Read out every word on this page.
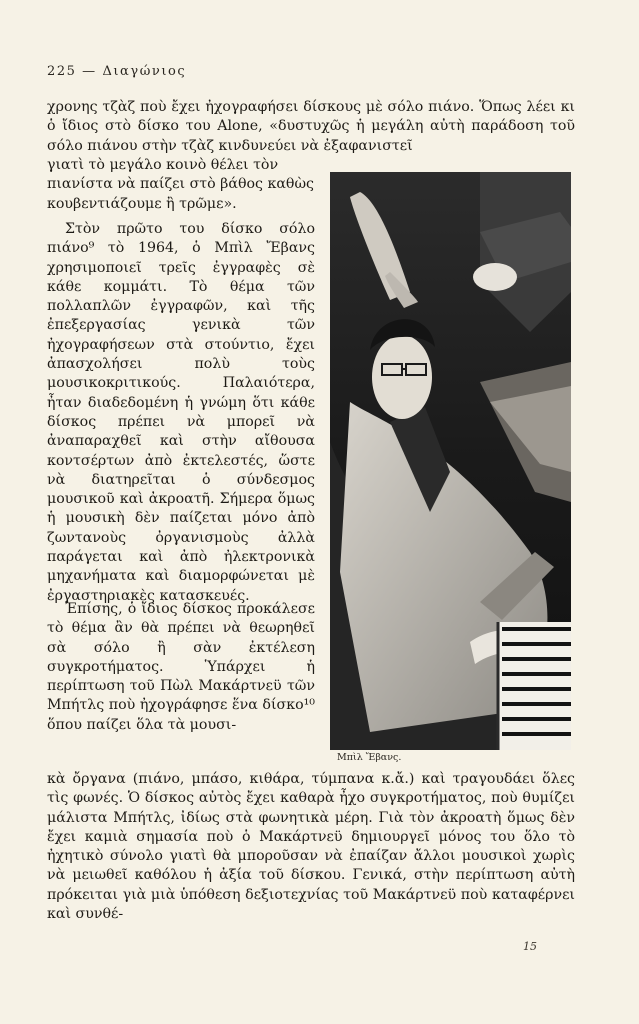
225 — Διαγώνιος

χρονης τζὰζ ποὺ ἔχει ἠχογραφήσει δίσκους μὲ σόλο πιάνο. Ὅπως λέει κι ὁ ἴδιος στὸ δίσκο του Alone, «δυστυχῶς ἡ μεγάλη αὐτὴ παράδοση τοῦ σόλο πιάνου στὴν τζὰζ κινδυνεύει νὰ ἐξαφανιστεῖ

γιατὶ τὸ μεγάλο κοινὸ θέλει τὸν πιανίστα νὰ παίζει στὸ βάθος καθὼς κουβεντιάζουμε ἢ τρῶμε».

Στὸν πρῶτο του δίσκο σόλο πιάνο⁹ τὸ 1964, ὁ Μπὶλ Ἔβανς χρησιμοποιεῖ τρεῖς ἐγγραφὲς σὲ κάθε κομμάτι. Τὸ θέμα τῶν πολλαπλῶν ἐγγραφῶν, καὶ τῆς ἐπεξεργασίας γενικὰ τῶν ἠχογραφήσεων στὰ στούντιο, ἔχει ἀπασχολήσει πολὺ τοὺς μουσικοκριτικούς. Παλαιότερα, ἦταν διαδεδομένη ἡ γνώμη ὅτι κάθε δίσκος πρέπει νὰ μπορεῖ νὰ ἀναπαραχθεῖ καὶ στὴν αἴθουσα κοντσέρτων ἀπὸ ἐκτελεστές, ὥστε νὰ διατηρεῖται ὁ σύνδεσμος μουσικοῦ καὶ ἀκροατῆ. Σήμερα ὅμως ἡ μουσικὴ δὲν παίζεται μόνο ἀπὸ ζωντανοὺς ὀργανισμοὺς ἀλλὰ παράγεται καὶ ἀπὸ ἠλεκτρονικὰ μηχανήματα καὶ διαμορφώνεται μὲ ἐργαστηριακὲς κατασκευές.

Ἐπίσης, ὁ ἴδιος δίσκος προκάλεσε τὸ θέμα ἂν θὰ πρέπει νὰ θεωρηθεῖ σὰ σόλο ἢ σὰν ἐκτέλεση συγκροτήματος. Ὑπάρχει ἡ περίπτωση τοῦ Πὼλ Μακάρτνεϋ τῶν Μπήτλς ποὺ ἠχογράφησε ἕνα δίσκο¹⁰ ὅπου παίζει ὅλα τὰ μουσι-

Μπὶλ Ἔβανς.

κὰ ὄργανα (πιάνο, μπάσο, κιθάρα, τύμπανα κ.ἄ.) καὶ τραγουδάει ὅλες τὶς φωνές. Ὁ δίσκος αὐτὸς ἔχει καθαρὰ ἦχο συγκροτήματος, ποὺ θυμίζει μάλιστα Μπήτλς, ἰδίως στὰ φωνητικὰ μέρη. Γιὰ τὸν ἀκροατὴ ὅμως δὲν ἔχει καμιὰ σημασία ποὺ ὁ Μακάρτνεϋ δημιουργεῖ μόνος του ὅλο τὸ ἠχητικὸ σύνολο γιατὶ θὰ μποροῦσαν νὰ ἐπαίζαν ἄλλοι μουσικοὶ χωρὶς νὰ μειωθεῖ καθόλου ἡ ἀξία τοῦ δίσκου. Γενικά, στὴν περίπτωση αὐτὴ πρόκειται γιὰ μιὰ ὑπόθεση δεξιοτεχνίας τοῦ Μακάρτνεϋ ποὺ καταφέρνει καὶ συνθέ-

15
